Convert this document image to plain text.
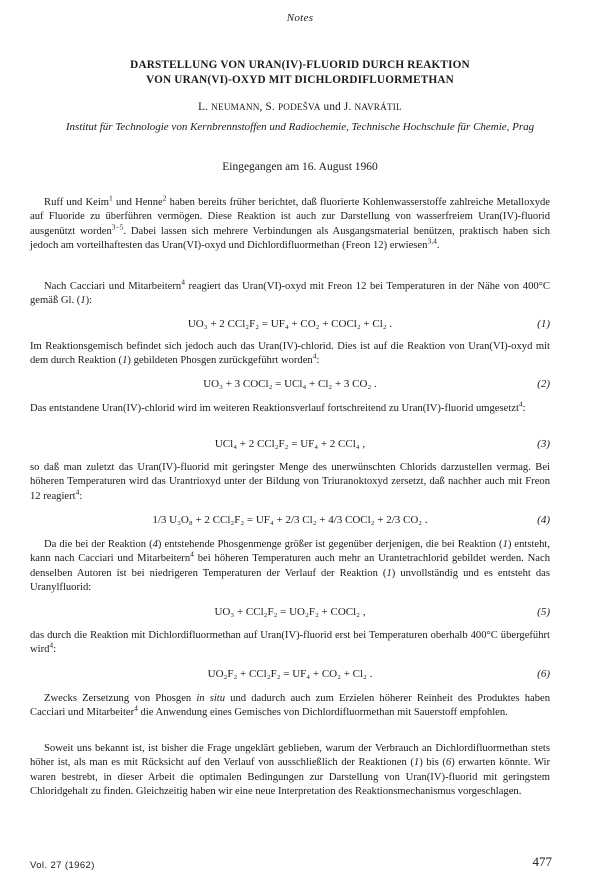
Notes
DARSTELLUNG VON URAN(IV)-FLUORID DURCH REAKTION
VON URAN(VI)-OXYD MIT DICHLORDIFLUORMETHAN
L. NEUMANN, S. PODEŠVA und J. NAVRÁTIL
Institut für Technologie von Kernbrennstoffen und Radiochemie, Technische Hochschule für Chemie, Prag
Eingegangen am 16. August 1960
Ruff und Keim$^1$ und Henne$^2$ haben bereits früher berichtet, daß fluorierte Kohlenwasserstoffe zahlreiche Metalloxyde auf Fluoride zu überführen vermögen. Diese Reaktion ist auch zur Darstellung von wasserfreiem Uran(IV)-fluorid ausgenützt worden$^{3-5}$. Dabei lassen sich mehrere Verbindungen als Ausgangsmaterial benützen, praktisch haben sich jedoch am vorteilhaftesten das Uran(VI)-oxyd und Dichlordifluormethan (Freon 12) erwiesen$^{3,4}$.
Nach Cacciari und Mitarbeitern$^4$ reagiert das Uran(VI)-oxyd mit Freon 12 bei Temperaturen in der Nähe von 400°C gemäß Gl. (1):
UO₃ + 2 CCl₂F₂ = UF₄ + CO₂ + COCl₂ + Cl₂ .	(1)
Im Reaktionsgemisch befindet sich jedoch auch das Uran(IV)-chlorid. Dies ist auf die Reaktion von Uran(VI)-oxyd mit dem durch Reaktion (1) gebildeten Phosgen zurückgeführt worden$^4$:
UO₃ + 3 COCl₂ = UCl₄ + Cl₂ + 3 CO₂ .	(2)
Das entstandene Uran(IV)-chlorid wird im weiteren Reaktionsverlauf fortschreitend zu Uran(IV)-fluorid umgesetzt$^4$:
UCl₄ + 2 CCl₂F₂ = UF₄ + 2 CCl₄ ,	(3)
so daß man zuletzt das Uran(IV)-fluorid mit geringster Menge des unerwünschten Chlorids darzustellen vermag. Bei höheren Temperaturen wird das Urantrioxyd unter der Bildung von Triuranoktoxyd zersetzt, daß nachher auch mit Freon 12 reagiert$^4$:
1/3 U₃O₈ + 2 CCl₂F₂ = UF₄ + 2/3 Cl₂ + 4/3 COCl₂ + 2/3 CO₂ .	(4)
Da die bei der Reaktion (4) entstehende Phosgenmenge größer ist gegenüber derjenigen, die bei Reaktion (1) entsteht, kann nach Cacciari und Mitarbeitern$^4$ bei höheren Temperaturen auch mehr an Urantetrachlorid gebildet werden. Nach denselben Autoren ist bei niedrigeren Temperaturen der Verlauf der Reaktion (1) unvollständig und es entsteht das Uranylfluorid:
UO₃ + CCl₂F₂ = UO₂F₂ + COCl₂ ,	(5)
das durch die Reaktion mit Dichlordifluormethan auf Uran(IV)-fluorid erst bei Temperaturen oberhalb 400°C übergeführt wird$^4$:
UO₂F₂ + CCl₂F₂ = UF₄ + CO₂ + Cl₂ .	(6)
Zwecks Zersetzung von Phosgen in situ und dadurch auch zum Erzielen höherer Reinheit des Produktes haben Cacciari und Mitarbeiter$^4$ die Anwendung eines Gemisches von Dichlordifluormethan mit Sauerstoff empfohlen.
Soweit uns bekannt ist, ist bisher die Frage ungeklärt geblieben, warum der Verbrauch an Dichlordifluormethan stets höher ist, als man es mit Rücksicht auf den Verlauf von ausschließlich der Reaktionen (1) bis (6) erwarten könnte. Wir waren bestrebt, in dieser Arbeit die optimalen Bedingungen zur Darstellung von Uran(IV)-fluorid mit geringstem Chloridgehalt zu finden. Gleichzeitig haben wir eine neue Interpretation des Reaktionsmechanismus vorgeschlagen.
Vol. 27 (1962)	477
